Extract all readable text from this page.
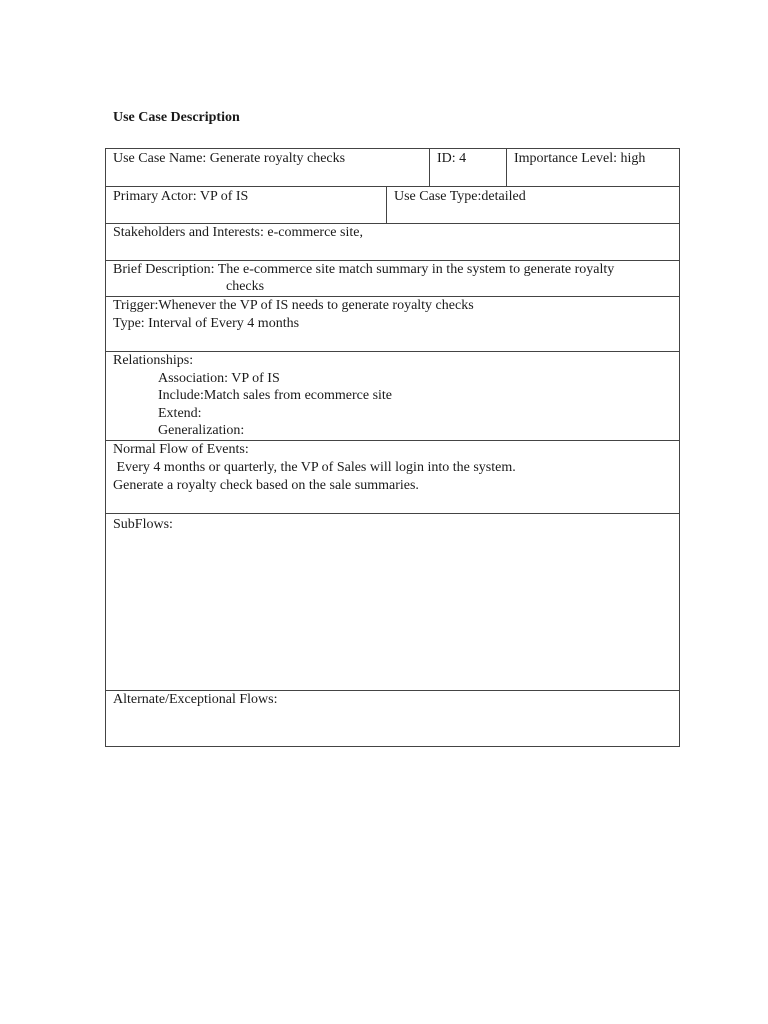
Use Case Description
Use Case Name: Generate royalty checks	ID: 4	Importance Level: high
Primary Actor: VP of IS	Use Case Type:detailed
Stakeholders and Interests: e-commerce site,
Brief Description: The e-commerce site match summary in the system to generate royalty
checks
Trigger:Whenever the VP of IS needs to generate royalty checks
Type: Interval of Every 4 months
Relationships:
Association: VP of IS
Include:Match sales from ecommerce site
Extend:
Generalization:
Normal Flow of Events:
Every 4 months or quarterly, the VP of Sales will login into the system.
Generate a royalty check based on the sale summaries.
SubFlows:
Alternate/Exceptional Flows:
